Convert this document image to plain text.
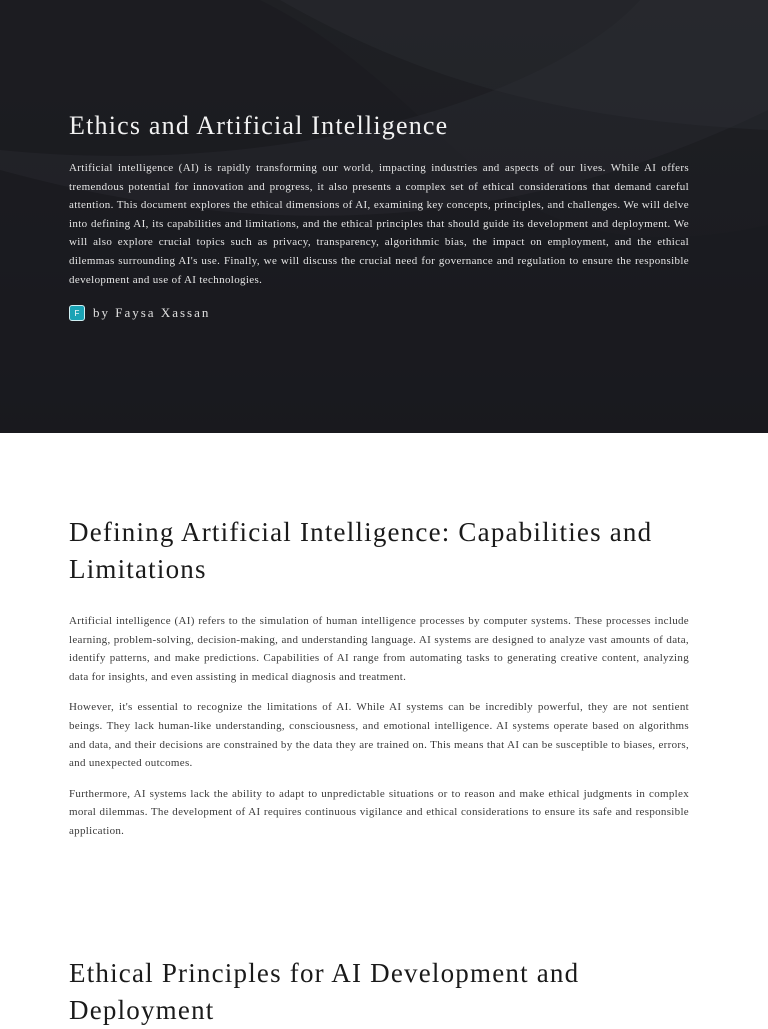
Ethics and Artificial Intelligence

Artificial intelligence (AI) is rapidly transforming our world, impacting industries and aspects of our lives. While AI offers tremendous potential for innovation and progress, it also presents a complex set of ethical considerations that demand careful attention. This document explores the ethical dimensions of AI, examining key concepts, principles, and challenges. We will delve into defining AI, its capabilities and limitations, and the ethical principles that should guide its development and deployment. We will also explore crucial topics such as privacy, transparency, algorithmic bias, the impact on employment, and the ethical dilemmas surrounding AI's use. Finally, we will discuss the crucial need for governance and regulation to ensure the responsible development and use of AI technologies.

F	by Faysa Xassan
Defining Artificial Intelligence: Capabilities and Limitations

Artificial intelligence (AI) refers to the simulation of human intelligence processes by computer systems. These processes include learning, problem-solving, decision-making, and understanding language. AI systems are designed to analyze vast amounts of data, identify patterns, and make predictions. Capabilities of AI range from automating tasks to generating creative content, analyzing data for insights, and even assisting in medical diagnosis and treatment.

However, it's essential to recognize the limitations of AI. While AI systems can be incredibly powerful, they are not sentient beings. They lack human-like understanding, consciousness, and emotional intelligence. AI systems operate based on algorithms and data, and their decisions are constrained by the data they are trained on. This means that AI can be susceptible to biases, errors, and unexpected outcomes.

Furthermore, AI systems lack the ability to adapt to unpredictable situations or to reason and make ethical judgments in complex moral dilemmas. The development of AI requires continuous vigilance and ethical considerations to ensure its safe and responsible application.

Ethical Principles for AI Development and Deployment
